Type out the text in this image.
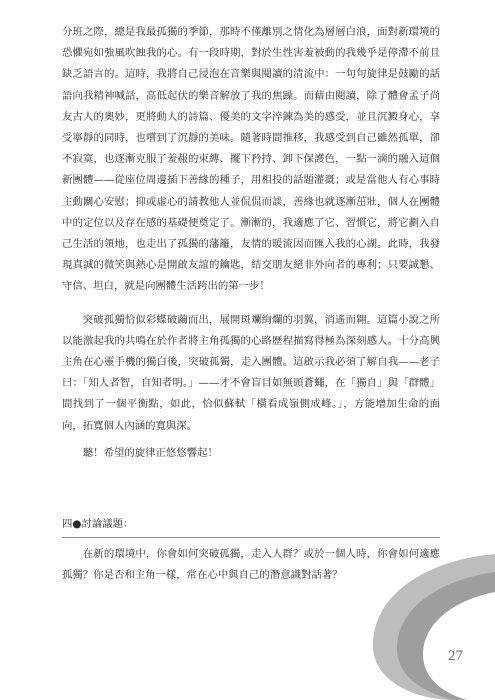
分班之際，總是我最孤獨的季節，那時不僅離別之情化為層層白浪，面對新環境的恐懼宛如強風吹蝕我的心。有一段時期，對於生性害羞被動的我幾乎是停滯不前且缺乏語言的。這時，我將自己浸泡在音樂與閱讀的清流中：一句句旋律是鼓勵的話語向我精神喊話，高低起伏的樂音解放了我的焦躁。而藉由閱讀，除了體會孟子尚友古人的奧妙，更將動人的詩篇、優美的文字淬鍊為美的感受，並且沉澱身心，享受寧靜的同時，也嚐到了沉靜的美味。隨著時間推移，我感受到自己雖然孤單，卻不寂寞，也逐漸克服了羞赧的束縛、擺下矜持、卸下保護色，一點一滴的融入這個新團體——從座位周邊插下善緣的種子，用相投的話題灌溉；或是當他人有心事時主動關心安慰；抑或虛心的請教他人並侃侃而談，善緣也就逐漸茁壯，個人在團體中的定位以及存在感的基礎便奠定了。漸漸的，我適應了它、習慣它，將它劃入自己生活的領地，也走出了孤獨的藩籬，友情的暖流因而匯入我的心湖。此時，我發現真誠的微笑與熱心是開啟友誼的鑰匙，結交朋友絕非外向者的專利；只要誠懇、守信、坦白，就是向團體生活跨出的第一步！

突破孤獨恰似彩蝶破繭而出，展開斑斕絢爛的羽翼，消遙而翱。這篇小說之所以能激起我的共鳴在於作者將主角孤獨的心路歷程描寫得極為深刻感人。十分高興主角在心靈手機的獨白後，突破孤獨，走入團體。這啟示我必須了解自我——老子曰：「知人者智，自知者明。」——才不會盲目如無頭蒼蠅，在「獨自」與「群體」間找到了一個平衡點，如此，恰似蘇軾「橫看成嶺側成峰。」，方能增加生命的面向，拓寬個人內涵的寬與深。

聽！希望的旋律正悠悠響起！

四●討論議題：

在新的環境中，你會如何突破孤獨，走入人群？或於一個人時，你會如何適應孤獨？你是否和主角一樣，常在心中與自己的潛意識對話著？

27
